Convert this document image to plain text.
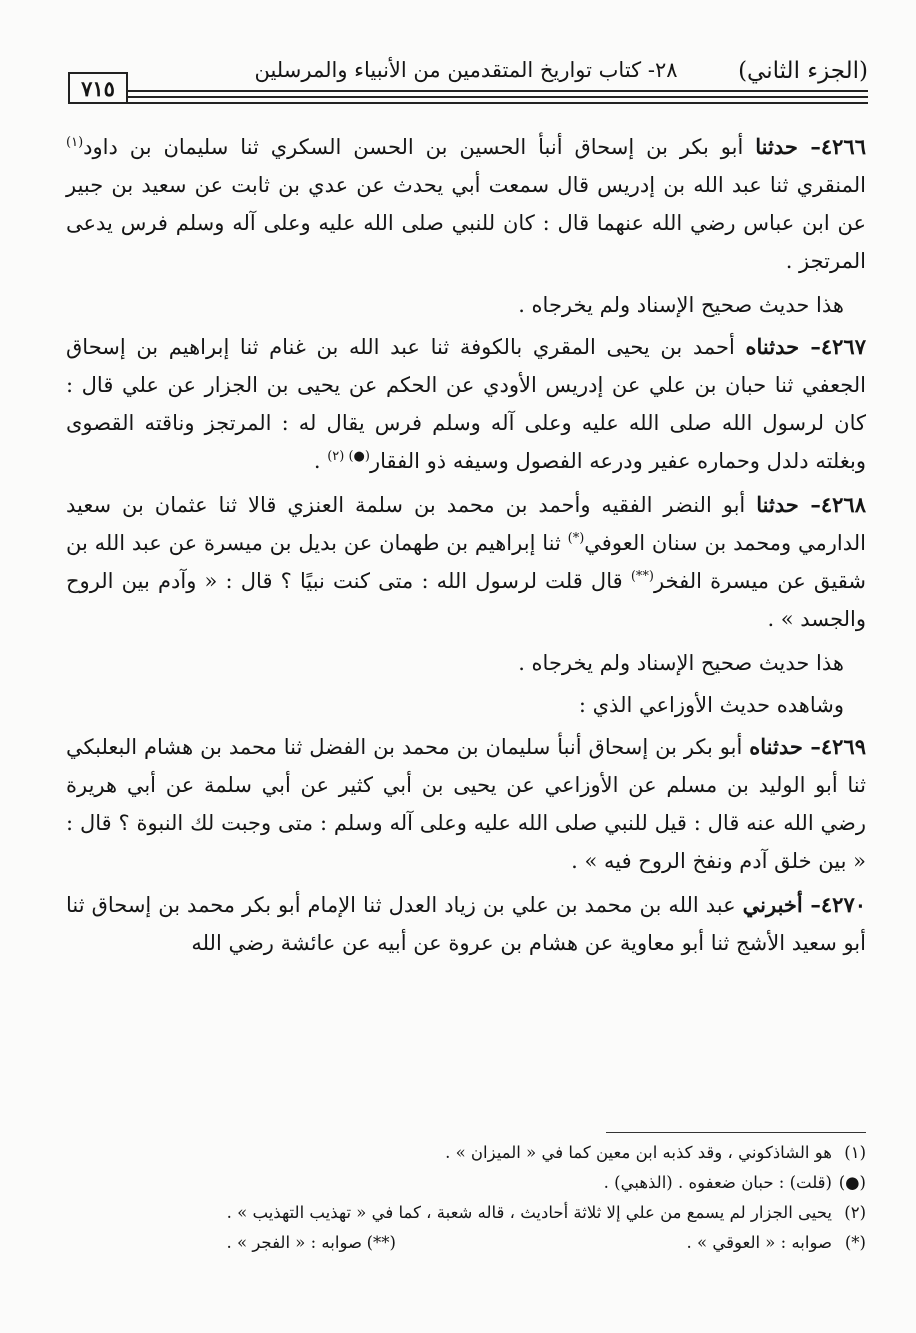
(الجزء الثاني)
٢٨- كتاب تواريخ المتقدمين من الأنبياء والمرسلين
٧١٥

٤٢٦٦– حدثنا أبو بكر بن إسحاق أنبأ الحسين بن الحسن السكري ثنا سليمان بن داود$^{(١)}$ المنقري ثنا عبد الله بن إدريس قال سمعت أبي يحدث عن عدي بن ثابت عن سعيد بن جبير عن ابن عباس رضي الله عنهما قال : كان للنبي صلى الله عليه وعلى آله وسلم فرس يدعى المرتجز .

هذا حديث صحيح الإسناد ولم يخرجاه .

٤٢٦٧– حدثناه أحمد بن يحيى المقري بالكوفة ثنا عبد الله بن غنام ثنا إبراهيم بن إسحاق الجعفي ثنا حبان بن علي عن إدريس الأودي عن الحكم عن يحيى بن الجزار عن علي قال : كان لرسول الله صلى الله عليه وعلى آله وسلم فرس يقال له : المرتجز وناقته القصوى وبغلته دلدل وحماره عفير ودرعه الفصول وسيفه ذو الفقار$^{(●) (٢)}$ .

٤٢٦٨– حدثنا أبو النضر الفقيه وأحمد بن محمد بن سلمة العنزي قالا ثنا عثمان بن سعيد الدارمي ومحمد بن سنان العوفي(*) ثنا إبراهيم بن طهمان عن بديل بن ميسرة عن عبد الله بن شقيق عن ميسرة الفخر(**) قال قلت لرسول الله : متى كنت نبيًا ؟ قال : « وآدم بين الروح والجسد » .

هذا حديث صحيح الإسناد ولم يخرجاه .

وشاهده حديث الأوزاعي الذي :

٤٢٦٩– حدثناه أبو بكر بن إسحاق أنبأ سليمان بن محمد بن الفضل ثنا محمد بن هشام البعلبكي ثنا أبو الوليد بن مسلم عن الأوزاعي عن يحيى بن أبي كثير عن أبي سلمة عن أبي هريرة رضي الله عنه قال : قيل للنبي صلى الله عليه وعلى آله وسلم : متى وجبت لك النبوة ؟ قال : « بين خلق آدم ونفخ الروح فيه » .

٤٢٧٠– أخبرني عبد الله بن محمد بن علي بن زياد العدل ثنا الإمام أبو بكر محمد بن إسحاق ثنا أبو سعيد الأشج ثنا أبو معاوية عن هشام بن عروة عن أبيه عن عائشة رضي الله

(١)هو الشاذكوني ، وقد كذبه ابن معين كما في « الميزان » .
(●)(قلت) : حبان ضعفوه . (الذهبي) .
(٢)يحيى الجزار لم يسمع من علي إلا ثلاثة أحاديث ، قاله شعبة ، كما في « تهذيب التهذيب » .
(*)صوابه : « العوقي » .
(**)صوابه : « الفجر » .
